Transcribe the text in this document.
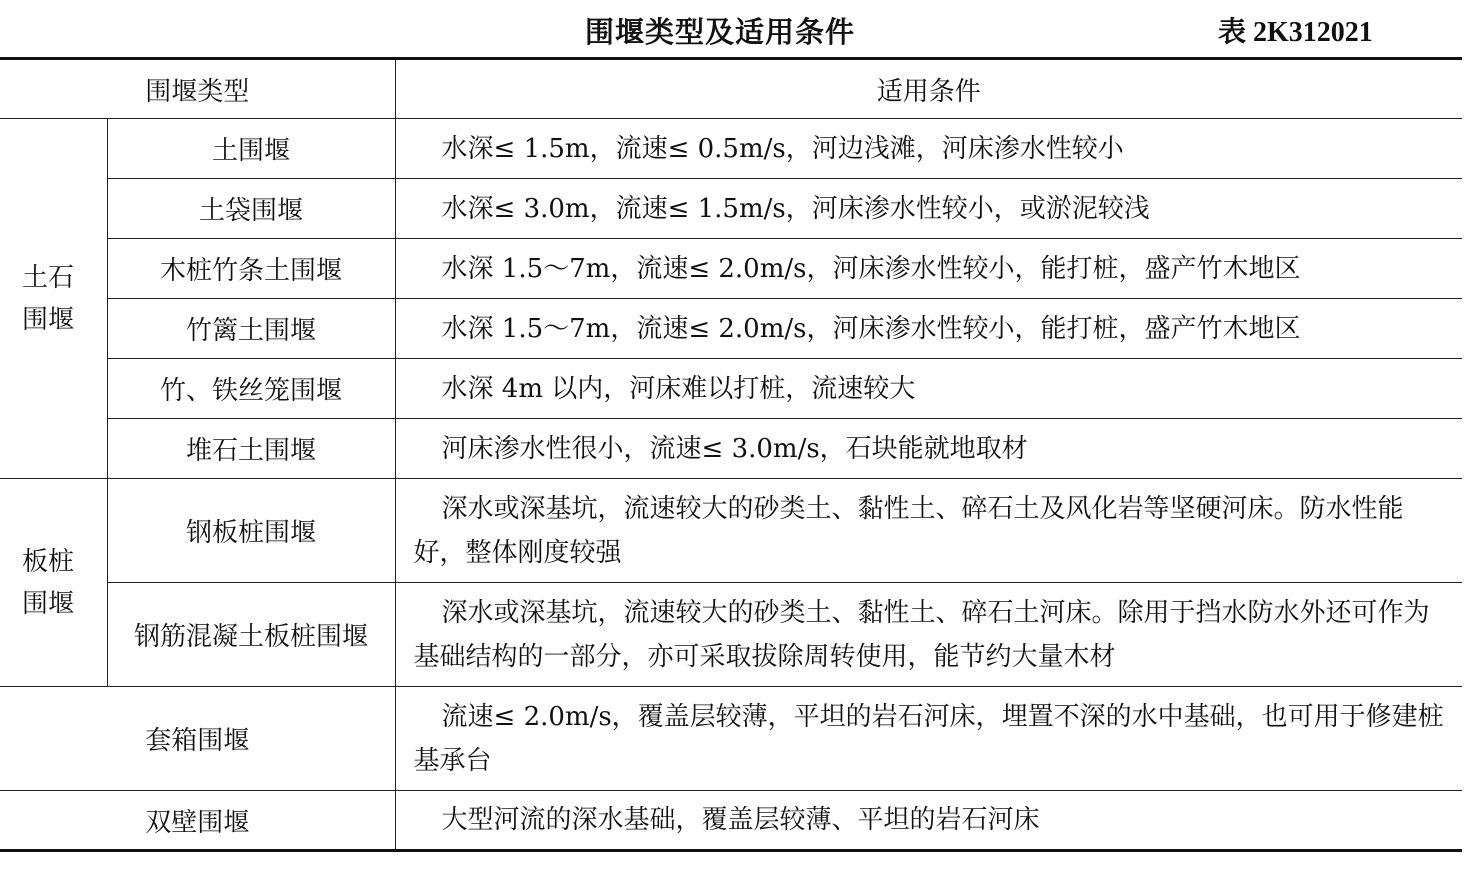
围堰类型及适用条件	表 2K312021
围堰类型		适用条件

土石
围堰	土围堰	水深≤ 1.5m，流速≤ 0.5m/s，河边浅滩，河床渗水性较小
	土袋围堰	水深≤ 3.0m，流速≤ 1.5m/s，河床渗水性较小，或淤泥较浅
	木桩竹条土围堰	水深 1.5～7m，流速≤ 2.0m/s，河床渗水性较小，能打桩，盛产竹木地区
	竹篱土围堰	水深 1.5～7m，流速≤ 2.0m/s，河床渗水性较小，能打桩，盛产竹木地区
	竹、铁丝笼围堰	水深 4m 以内，河床难以打桩，流速较大
	堆石土围堰	河床渗水性很小，流速≤ 3.0m/s，石块能就地取材

板桩
围堰	钢板桩围堰	深水或深基坑，流速较大的砂类土、黏性土、碎石土及风化岩等坚硬河床。防水性能好，整体刚度较强
	钢筋混凝土板桩围堰	深水或深基坑，流速较大的砂类土、黏性土、碎石土河床。除用于挡水防水外还可作为基础结构的一部分，亦可采取拔除周转使用，能节约大量木材
套箱围堰		流速≤ 2.0m/s，覆盖层较薄，平坦的岩石河床，埋置不深的水中基础，也可用于修建桩基承台
双壁围堰		大型河流的深水基础，覆盖层较薄、平坦的岩石河床
